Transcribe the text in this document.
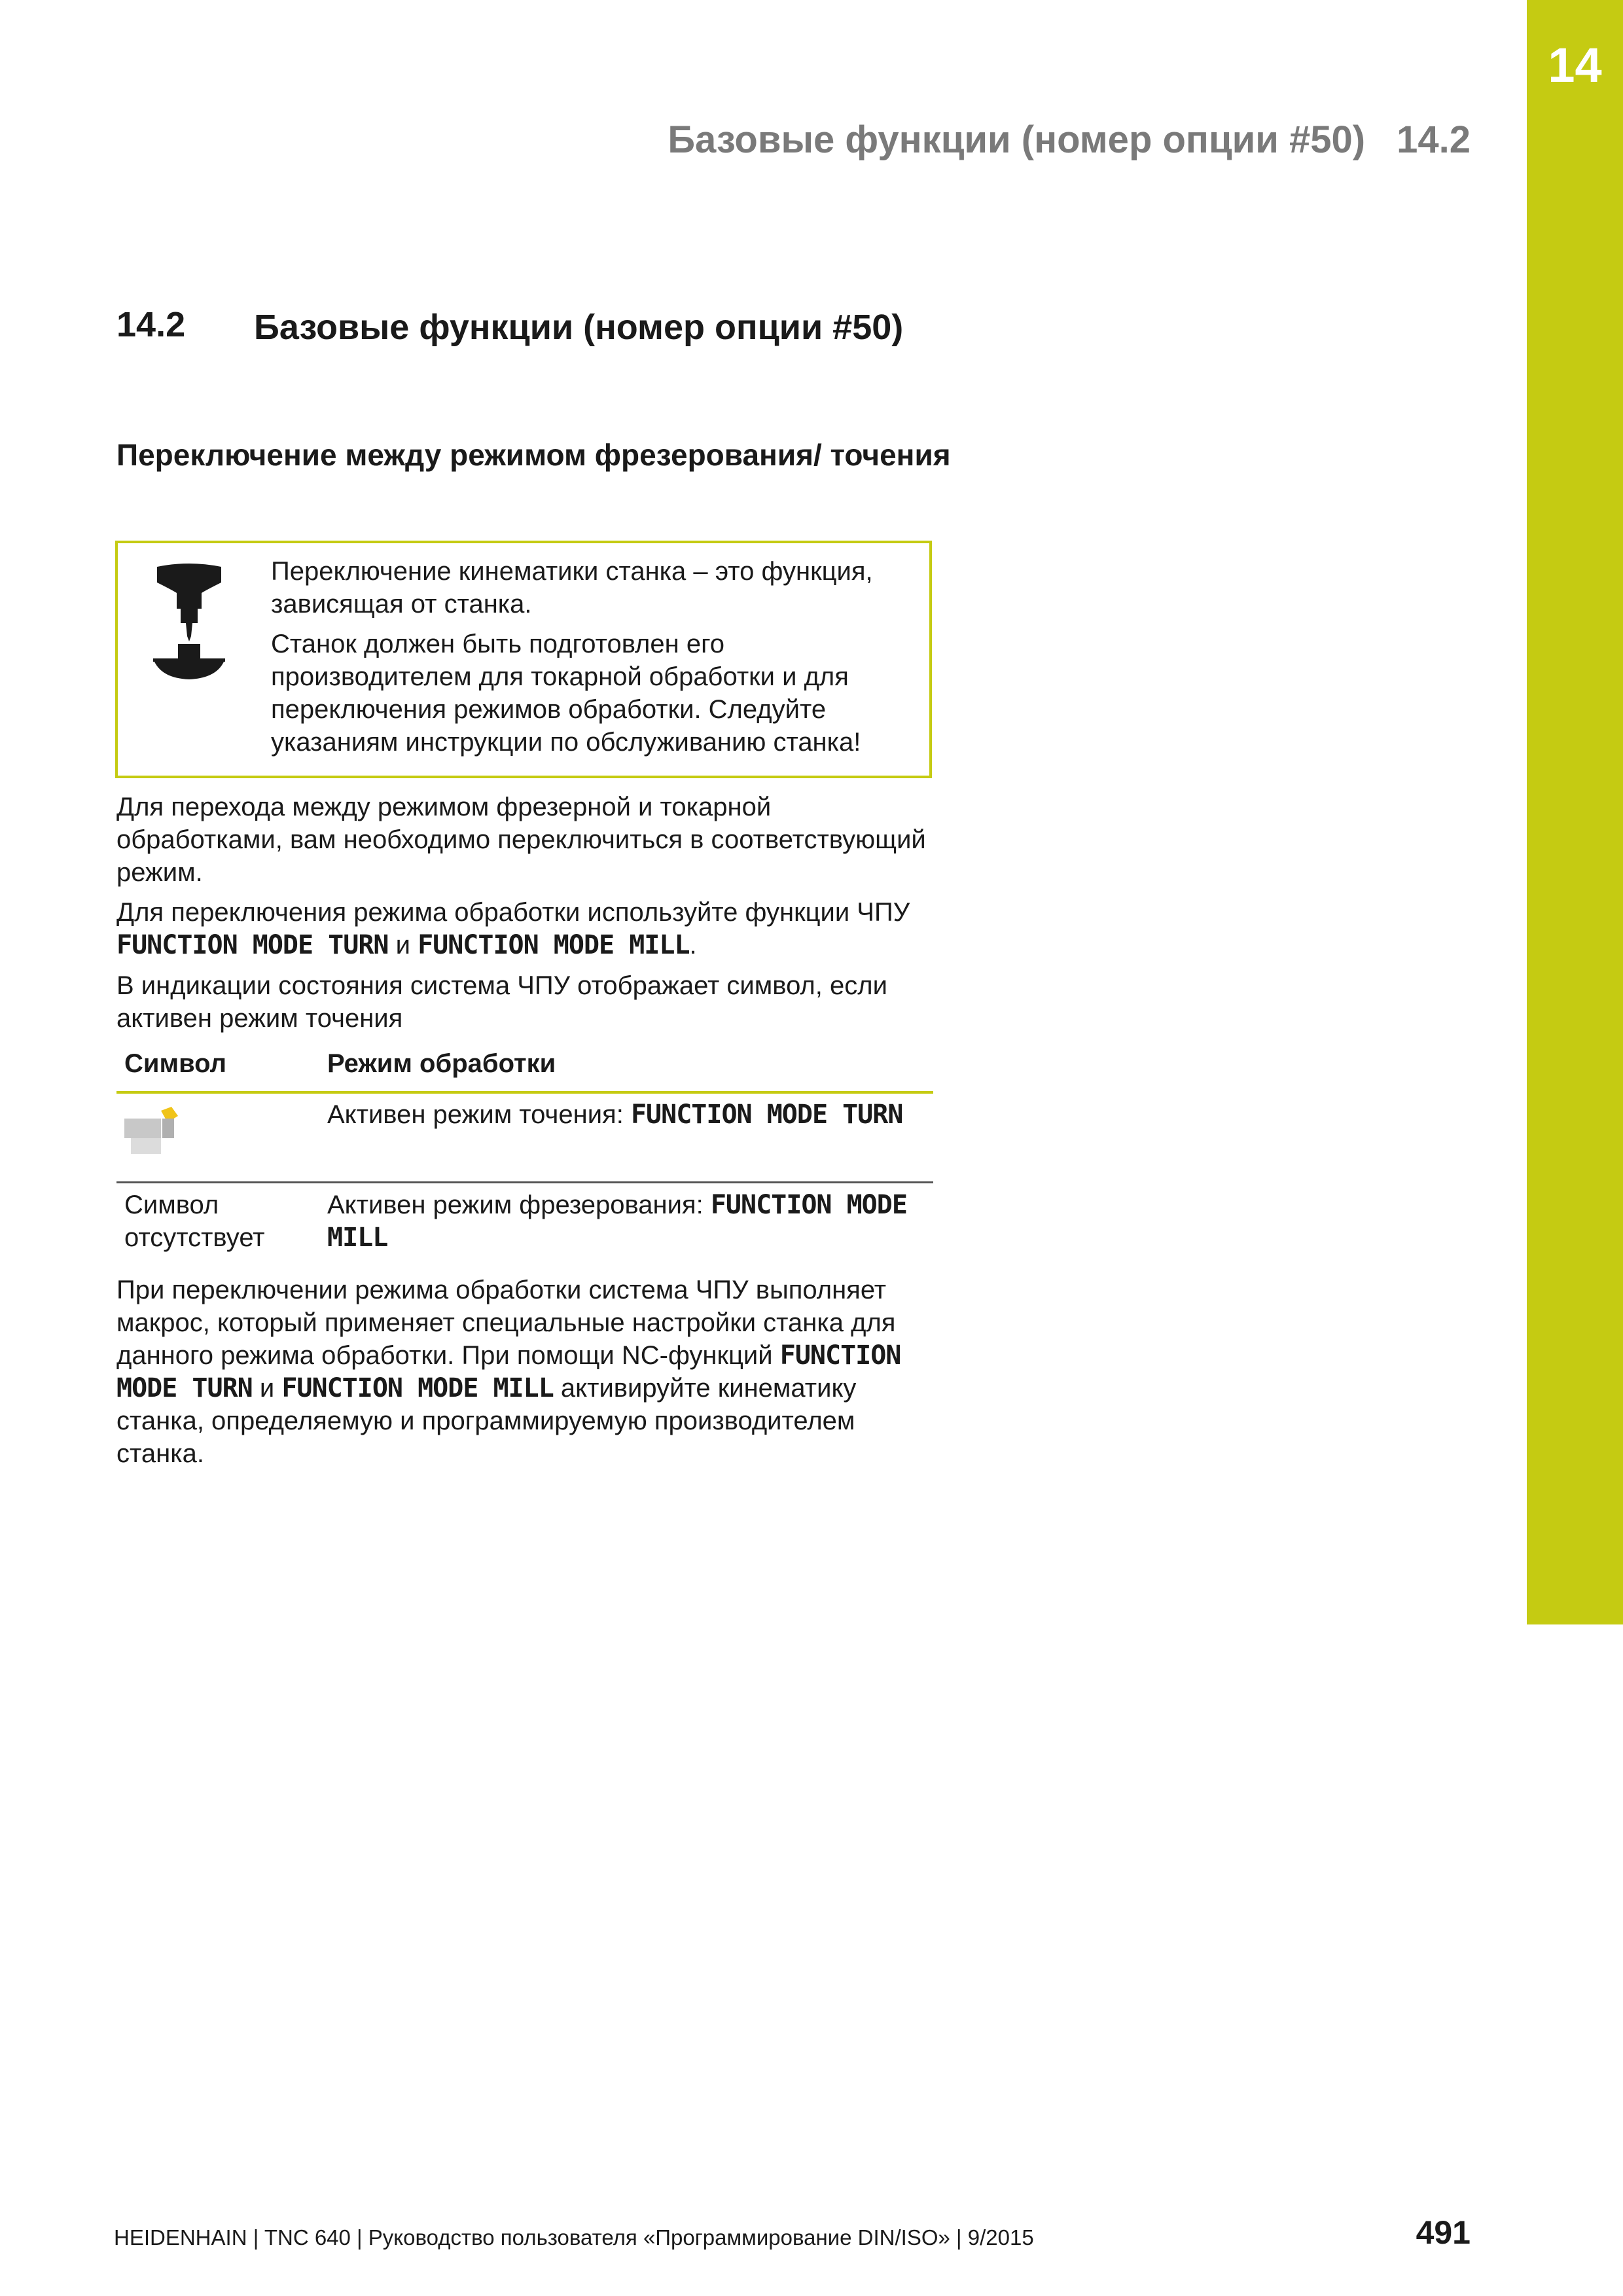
14
Базовые функции (номер опции #50) 14.2
14.2 Базовые функции (номер опции #50)
Переключение между режимом фрезерования/ точения

Переключение кинематики станка – это функция, зависящая от станка.

Станок должен быть подготовлен его производителем для токарной обработки и для переключения режимов обработки. Следуйте указаниям инструкции по обслуживанию станка!

Для перехода между режимом фрезерной и токарной обработками, вам необходимо переключиться в соответствующий режим.

Для переключения режима обработки используйте функции ЧПУ FUNCTION MODE TURN и FUNCTION MODE MILL.

В индикации состояния система ЧПУ отображает символ, если активен режим точения

Символ	Режим обработки
Активен режим точения: FUNCTION MODE TURN
Символ отсутствует
Активен режим фрезерования: FUNCTION MODE MILL

При переключении режима обработки система ЧПУ выполняет макрос, который применяет специальные настройки станка для данного режима обработки. При помощи NC-функций FUNCTION MODE TURN и FUNCTION MODE MILL активируйте кинематику станка, определяемую и программируемую производителем станка.

HEIDENHAIN | TNC 640 | Руководство пользователя «Программирование DIN/ISO» | 9/2015	491
